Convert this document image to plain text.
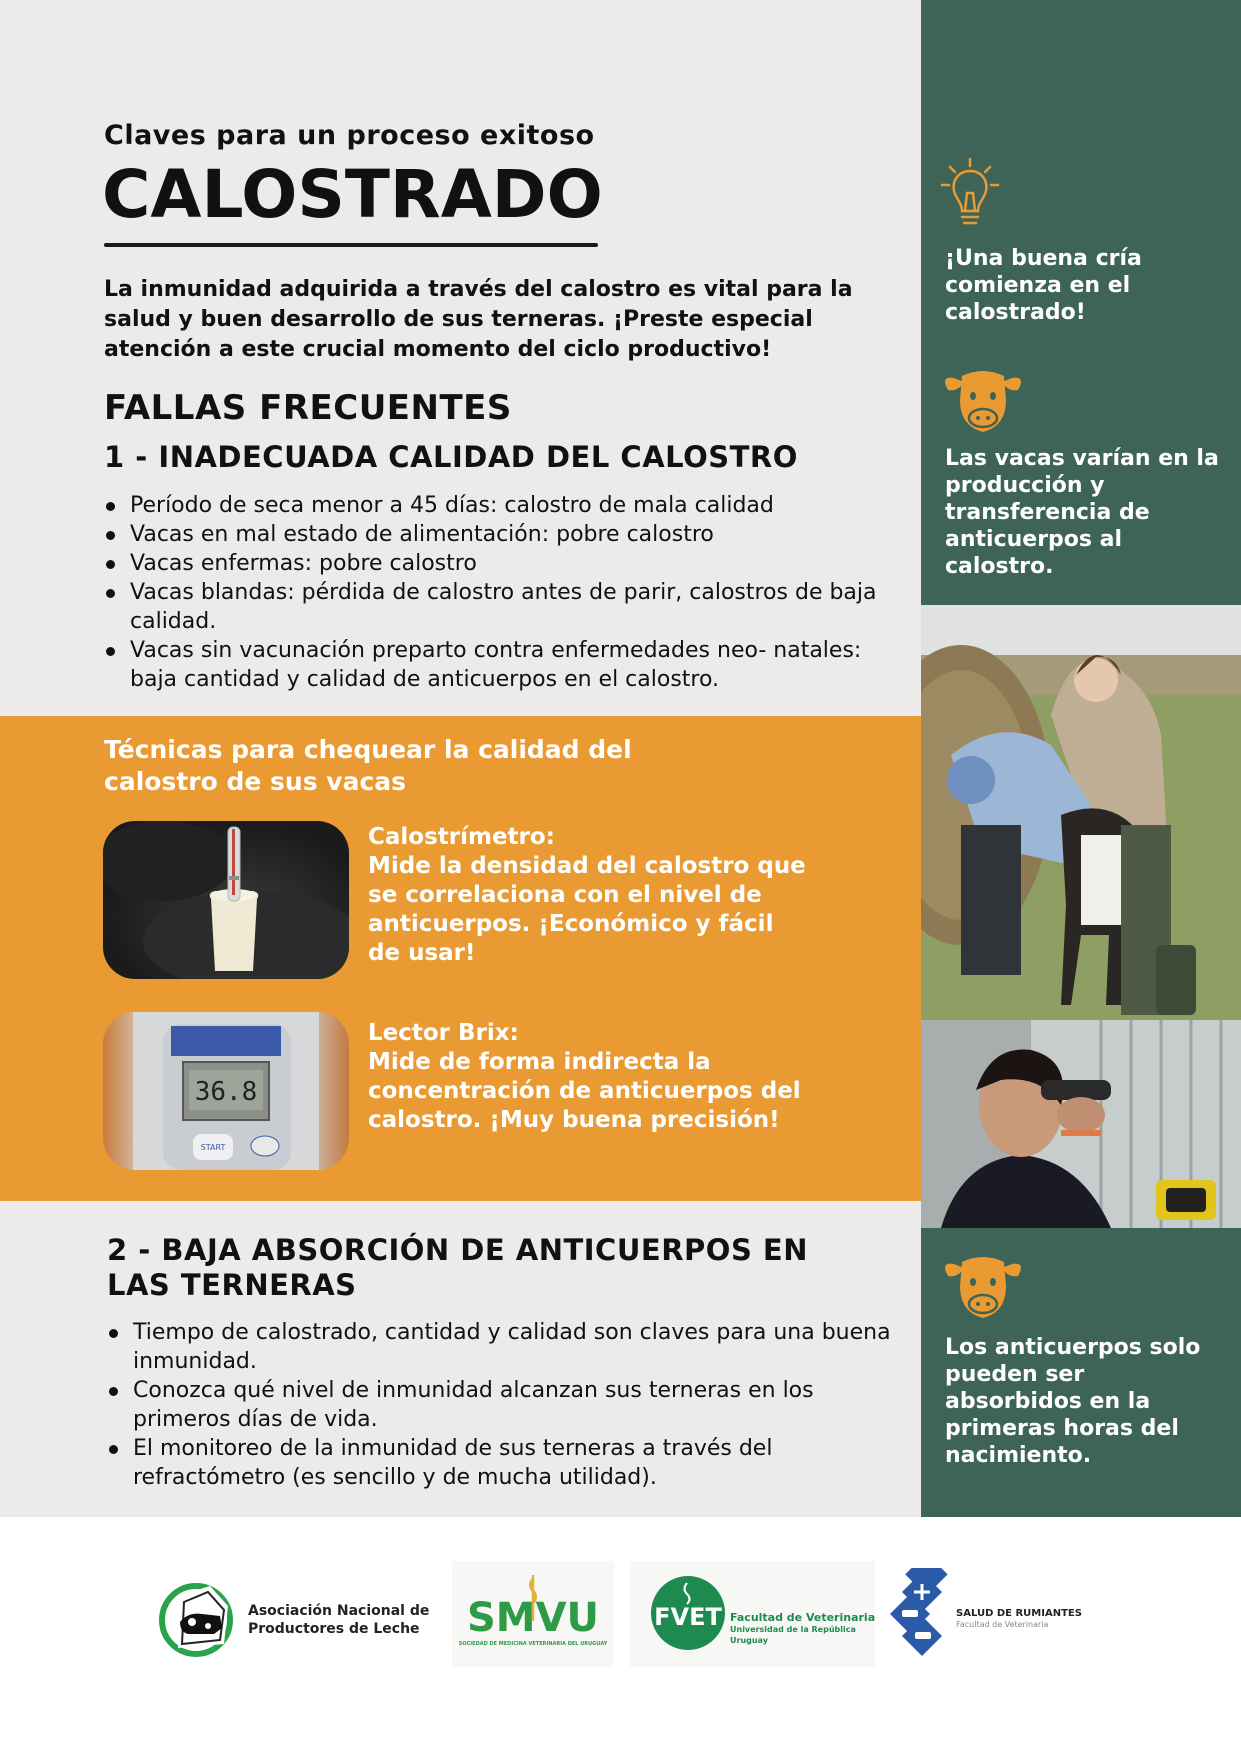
Claves para un proceso exitoso
CALOSTRADO
La inmunidad adquirida a través del calostro es vital para la salud y buen desarrollo de sus terneras. ¡Preste especial atención a este crucial momento del ciclo productivo!
FALLAS FRECUENTES
1 - INADECUADA CALIDAD DEL CALOSTRO
Período de seca menor a 45 días: calostro de mala calidad
Vacas en mal estado de alimentación: pobre calostro
Vacas enfermas: pobre calostro
Vacas blandas: pérdida de calostro antes de parir, calostros de baja calidad.
Vacas sin vacunación preparto contra enfermedades neo- natales: baja cantidad y calidad de anticuerpos en el calostro.
Técnicas para chequear la calidad del calostro de sus vacas
Calostrímetro:
Mide la densidad del calostro que se correlaciona con el nivel de anticuerpos. ¡Económico y fácil de usar!
36.8
START
Lector Brix:
Mide de forma indirecta la concentración de anticuerpos del calostro. ¡Muy buena precisión!
2 - BAJA ABSORCIÓN DE ANTICUERPOS EN LAS TERNERAS
Tiempo de calostrado, cantidad y calidad son claves para una buena inmunidad.
Conozca qué nivel de inmunidad alcanzan sus terneras en los primeros días de vida.
El monitoreo de la inmunidad de sus terneras a través del refractómetro (es sencillo y de mucha utilidad).
¡Una buena cría comienza en el calostrado!
Las vacas varían en la producción y transferencia de anticuerpos al calostro.
Los anticuerpos solo pueden ser absorbidos en la primeras horas del nacimiento.
Asociación Nacional de
Productores de Leche SMVU
SOCIEDAD DE MEDICINA VETERINARIA DEL URUGUAY
FVET Facultad de Veterinaria
Universidad de la República
Uruguay
SALUD DE RUMIANTES
Facultad de Veterinaria
